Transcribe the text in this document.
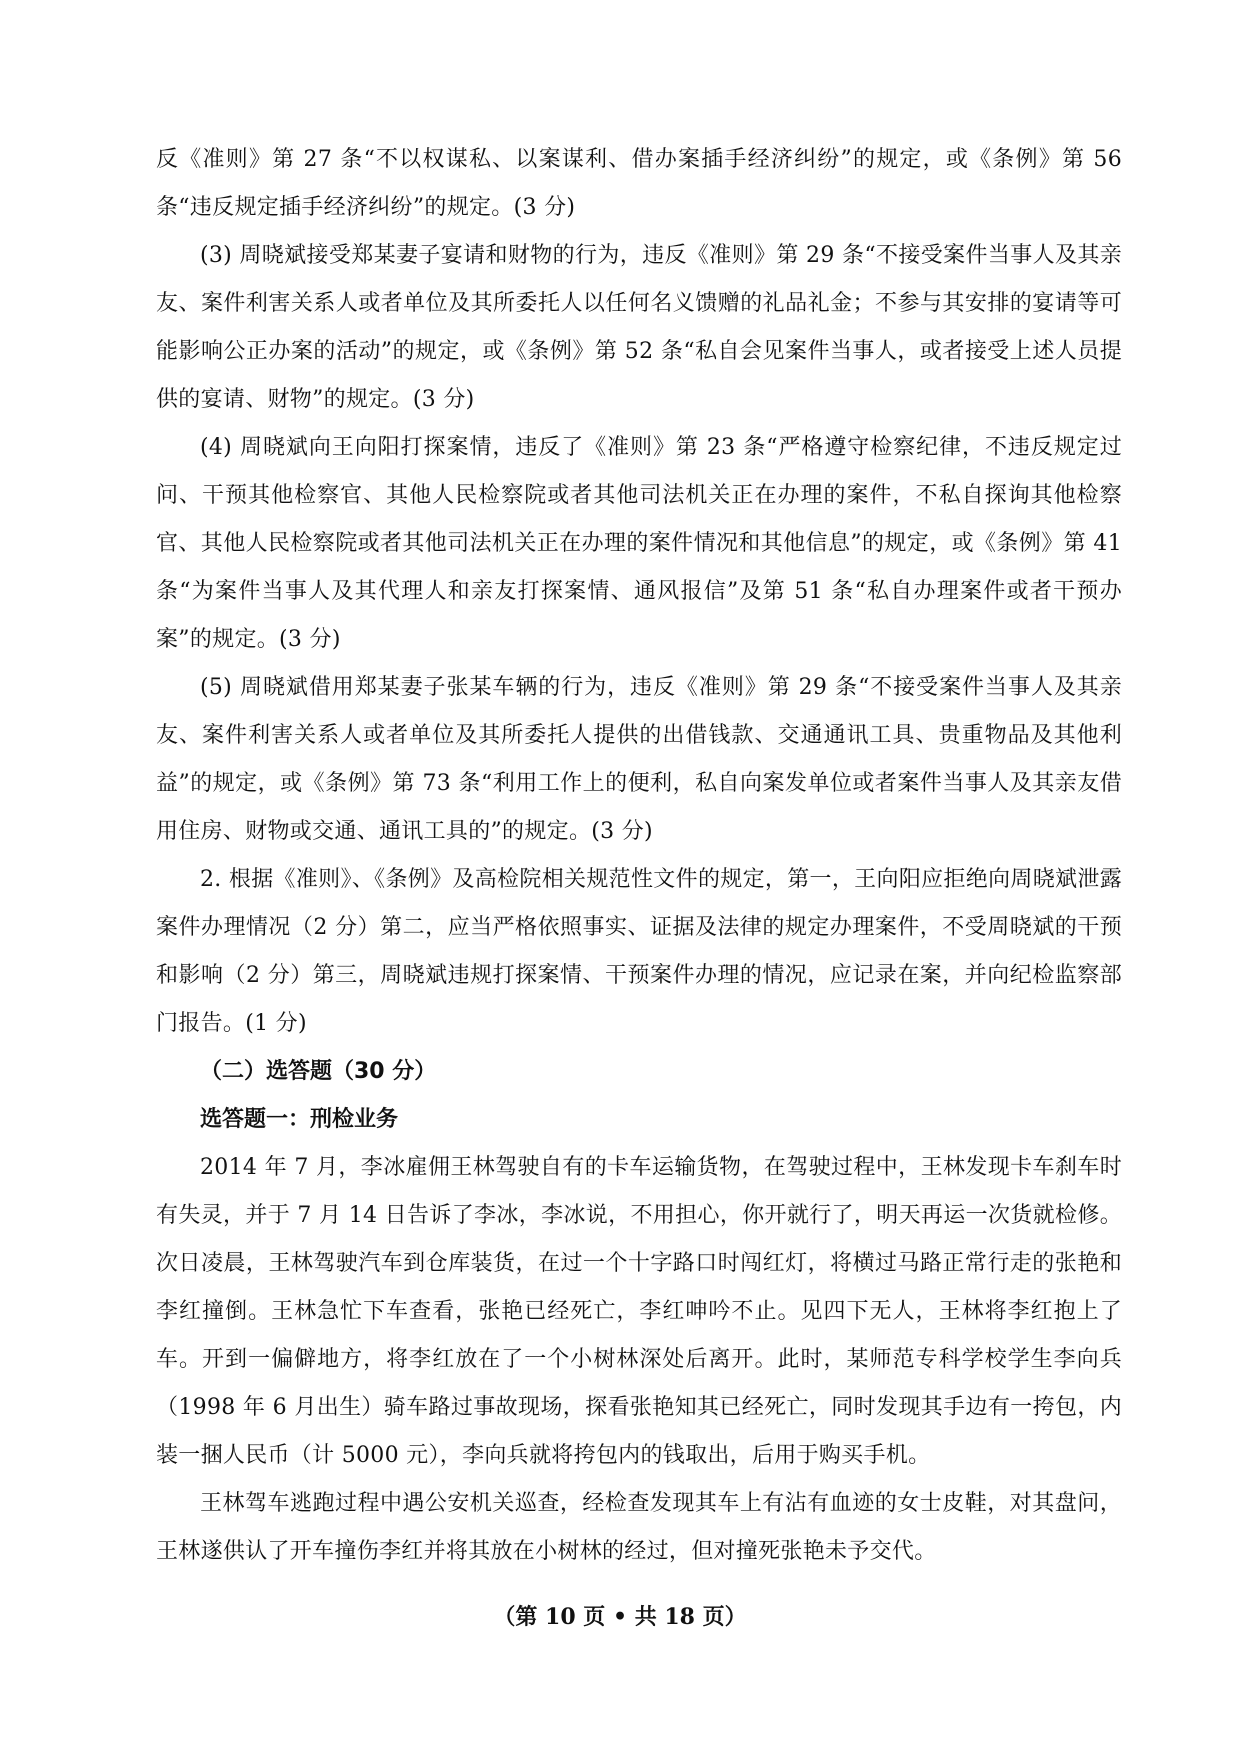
反《准则》第 27 条“不以权谋私、以案谋利、借办案插手经济纠纷”的规定，或《条例》第 56 条“违反规定插手经济纠纷”的规定。(3 分)

(3) 周晓斌接受郑某妻子宴请和财物的行为，违反《准则》第 29 条“不接受案件当事人及其亲友、案件利害关系人或者单位及其所委托人以任何名义馈赠的礼品礼金；不参与其安排的宴请等可能影响公正办案的活动”的规定，或《条例》第 52 条“私自会见案件当事人，或者接受上述人员提供的宴请、财物”的规定。(3 分)

(4) 周晓斌向王向阳打探案情，违反了《准则》第 23 条“严格遵守检察纪律，不违反规定过问、干预其他检察官、其他人民检察院或者其他司法机关正在办理的案件，不私自探询其他检察官、其他人民检察院或者其他司法机关正在办理的案件情况和其他信息”的规定，或《条例》第 41 条“为案件当事人及其代理人和亲友打探案情、通风报信”及第 51 条“私自办理案件或者干预办案”的规定。(3 分)

(5) 周晓斌借用郑某妻子张某车辆的行为，违反《准则》第 29 条“不接受案件当事人及其亲友、案件利害关系人或者单位及其所委托人提供的出借钱款、交通通讯工具、贵重物品及其他利益”的规定，或《条例》第 73 条“利用工作上的便利，私自向案发单位或者案件当事人及其亲友借用住房、财物或交通、通讯工具的”的规定。(3 分)

2. 根据《准则》、《条例》及高检院相关规范性文件的规定，第一，王向阳应拒绝向周晓斌泄露案件办理情况（2 分）第二，应当严格依照事实、证据及法律的规定办理案件，不受周晓斌的干预和影响（2 分）第三，周晓斌违规打探案情、干预案件办理的情况，应记录在案，并向纪检监察部门报告。(1 分)

（二）选答题（30 分）

选答题一：刑检业务

2014 年 7 月，李冰雇佣王林驾驶自有的卡车运输货物，在驾驶过程中，王林发现卡车刹车时有失灵，并于 7 月 14 日告诉了李冰，李冰说，不用担心，你开就行了，明天再运一次货就检修。次日凌晨，王林驾驶汽车到仓库装货，在过一个十字路口时闯红灯，将横过马路正常行走的张艳和李红撞倒。王林急忙下车查看，张艳已经死亡，李红呻吟不止。见四下无人，王林将李红抱上了车。开到一偏僻地方，将李红放在了一个小树林深处后离开。此时，某师范专科学校学生李向兵（1998 年 6 月出生）骑车路过事故现场，探看张艳知其已经死亡，同时发现其手边有一挎包，内装一捆人民币（计 5000 元），李向兵就将挎包内的钱取出，后用于购买手机。

王林驾车逃跑过程中遇公安机关巡查，经检查发现其车上有沾有血迹的女士皮鞋，对其盘问，王林遂供认了开车撞伤李红并将其放在小树林的经过，但对撞死张艳未予交代。

（第 10 页 • 共 18 页）
